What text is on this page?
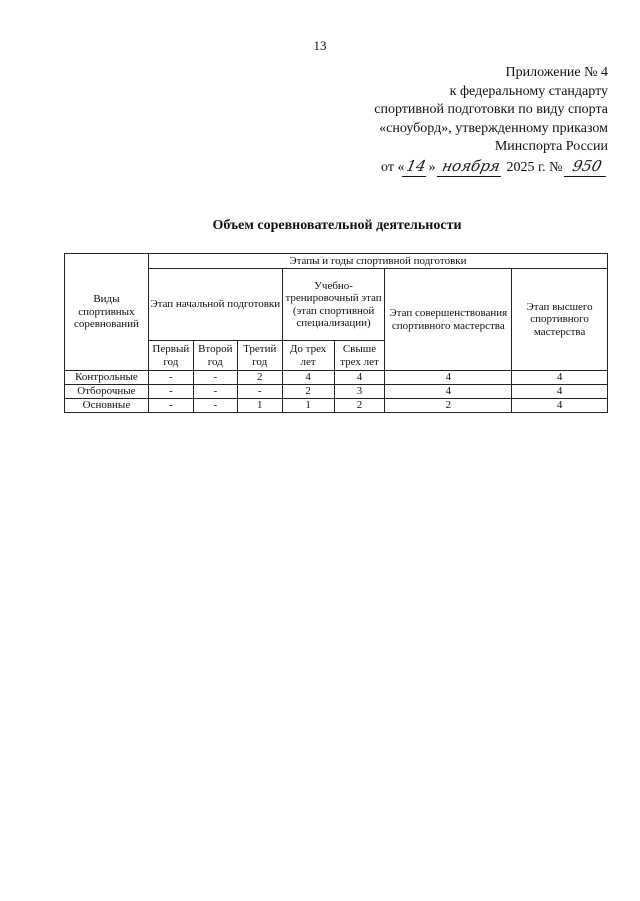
13
Приложение № 4
к федеральному стандарту
спортивной подготовки по виду спорта
«сноуборд», утвержденному приказом
Минспорта России
от «14» ноября 2025 г. № 950
Объем соревновательной деятельности
Виды спортивных соревнований	Этапы и годы спортивной подготовки						
	Этап начальной подготовки			Учебно-тренировочный этап (этап спортивной специализации)		Этап совершенствования спортивного мастерства	Этап высшего спортивного мастерства
	Первый год	Второй год	Третий год	До трех лет	Свыше трех лет		
Контрольные	-	-	2	4	4	4	4
Отборочные	-	-	-	2	3	4	4
Основные	-	-	1	1	2	2	4
